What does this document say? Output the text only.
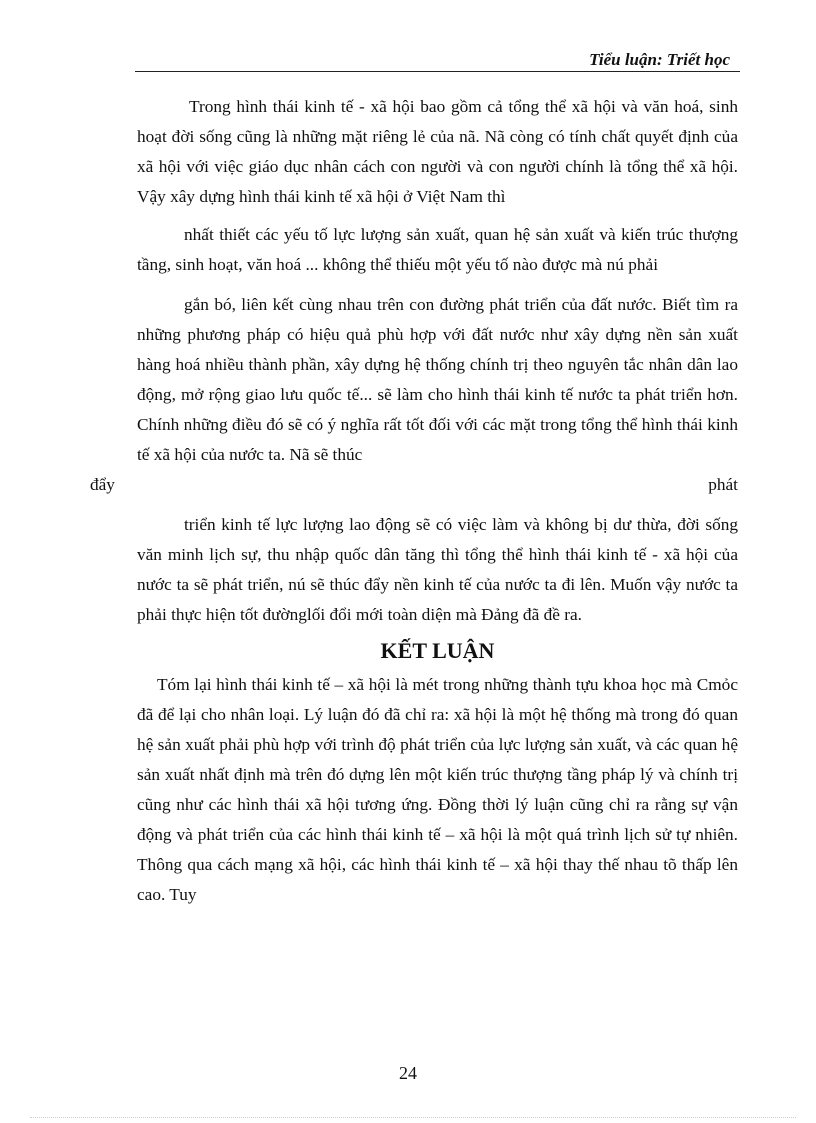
Tiểu luận: Triết học

Trong hình thái kinh tế - xã hội bao gồm cả tổng thể xã hội và văn hoá, sinh hoạt đời sống cũng là những mặt riêng lẻ của nã. Nã còng có tính chất quyết định của xã hội với việc giáo dục nhân cách con người và con người chính là tổng thể xã hội. Vậy xây dựng hình thái kinh tế xã hội ở Việt Nam thì

nhất thiết các yếu tố lực lượng sản xuất, quan hệ sản xuất và kiến trúc thượng tầng, sinh hoạt, văn hoá ... không thể thiếu một yếu tố nào được mà nú phải

gắn bó, liên kết cùng nhau trên con đường phát triển của đất nước. Biết tìm ra những phương pháp có hiệu quả phù hợp với đất nước như xây dựng nền sản xuất hàng hoá nhiều thành phần, xây dựng hệ thống chính trị theo nguyên tắc nhân dân lao động, mở rộng giao lưu quốc tế... sẽ làm cho hình thái kinh tế nước ta phát triển hơn. Chính những điều đó sẽ có ý nghĩa rất tốt đối với các mặt trong tổng thể hình thái kinh tế xã hội của nước ta. Nã sẽ thúc
đẩy	phát

triển kinh tế lực lượng lao động sẽ có việc làm và không bị dư thừa, đời sống văn minh lịch sự, thu nhập quốc dân tăng thì tổng thể hình thái kinh tế - xã hội của nước ta sẽ phát triển, nú sẽ thúc đẩy nền kinh tế của nước ta đi lên. Muốn vậy nước ta phải thực hiện tốt đườnglối đổi mới toàn diện mà Đảng đã đề ra.

KẾT LUẬN

Tóm lại hình thái kinh tế – xã hội là mét trong những thành tựu khoa học mà Cmỏc đã để lại cho nhân loại. Lý luận đó đã chỉ ra: xã hội là một hệ thống mà trong đó quan hệ sản xuất phải phù hợp với trình độ phát triển của lực lượng sản xuất, và các quan hệ sản xuất nhất định mà trên đó dựng lên một kiến trúc thượng tầng pháp lý và chính trị cũng như các hình thái xã hội tương ứng. Đồng thời lý luận cũng chỉ ra rằng sự vận động và phát triển của các hình thái kinh tế – xã hội là một quá trình lịch sử tự nhiên. Thông qua cách mạng xã hội, các hình thái kinh tế – xã hội thay thế nhau tõ thấp lên cao. Tuy

24
